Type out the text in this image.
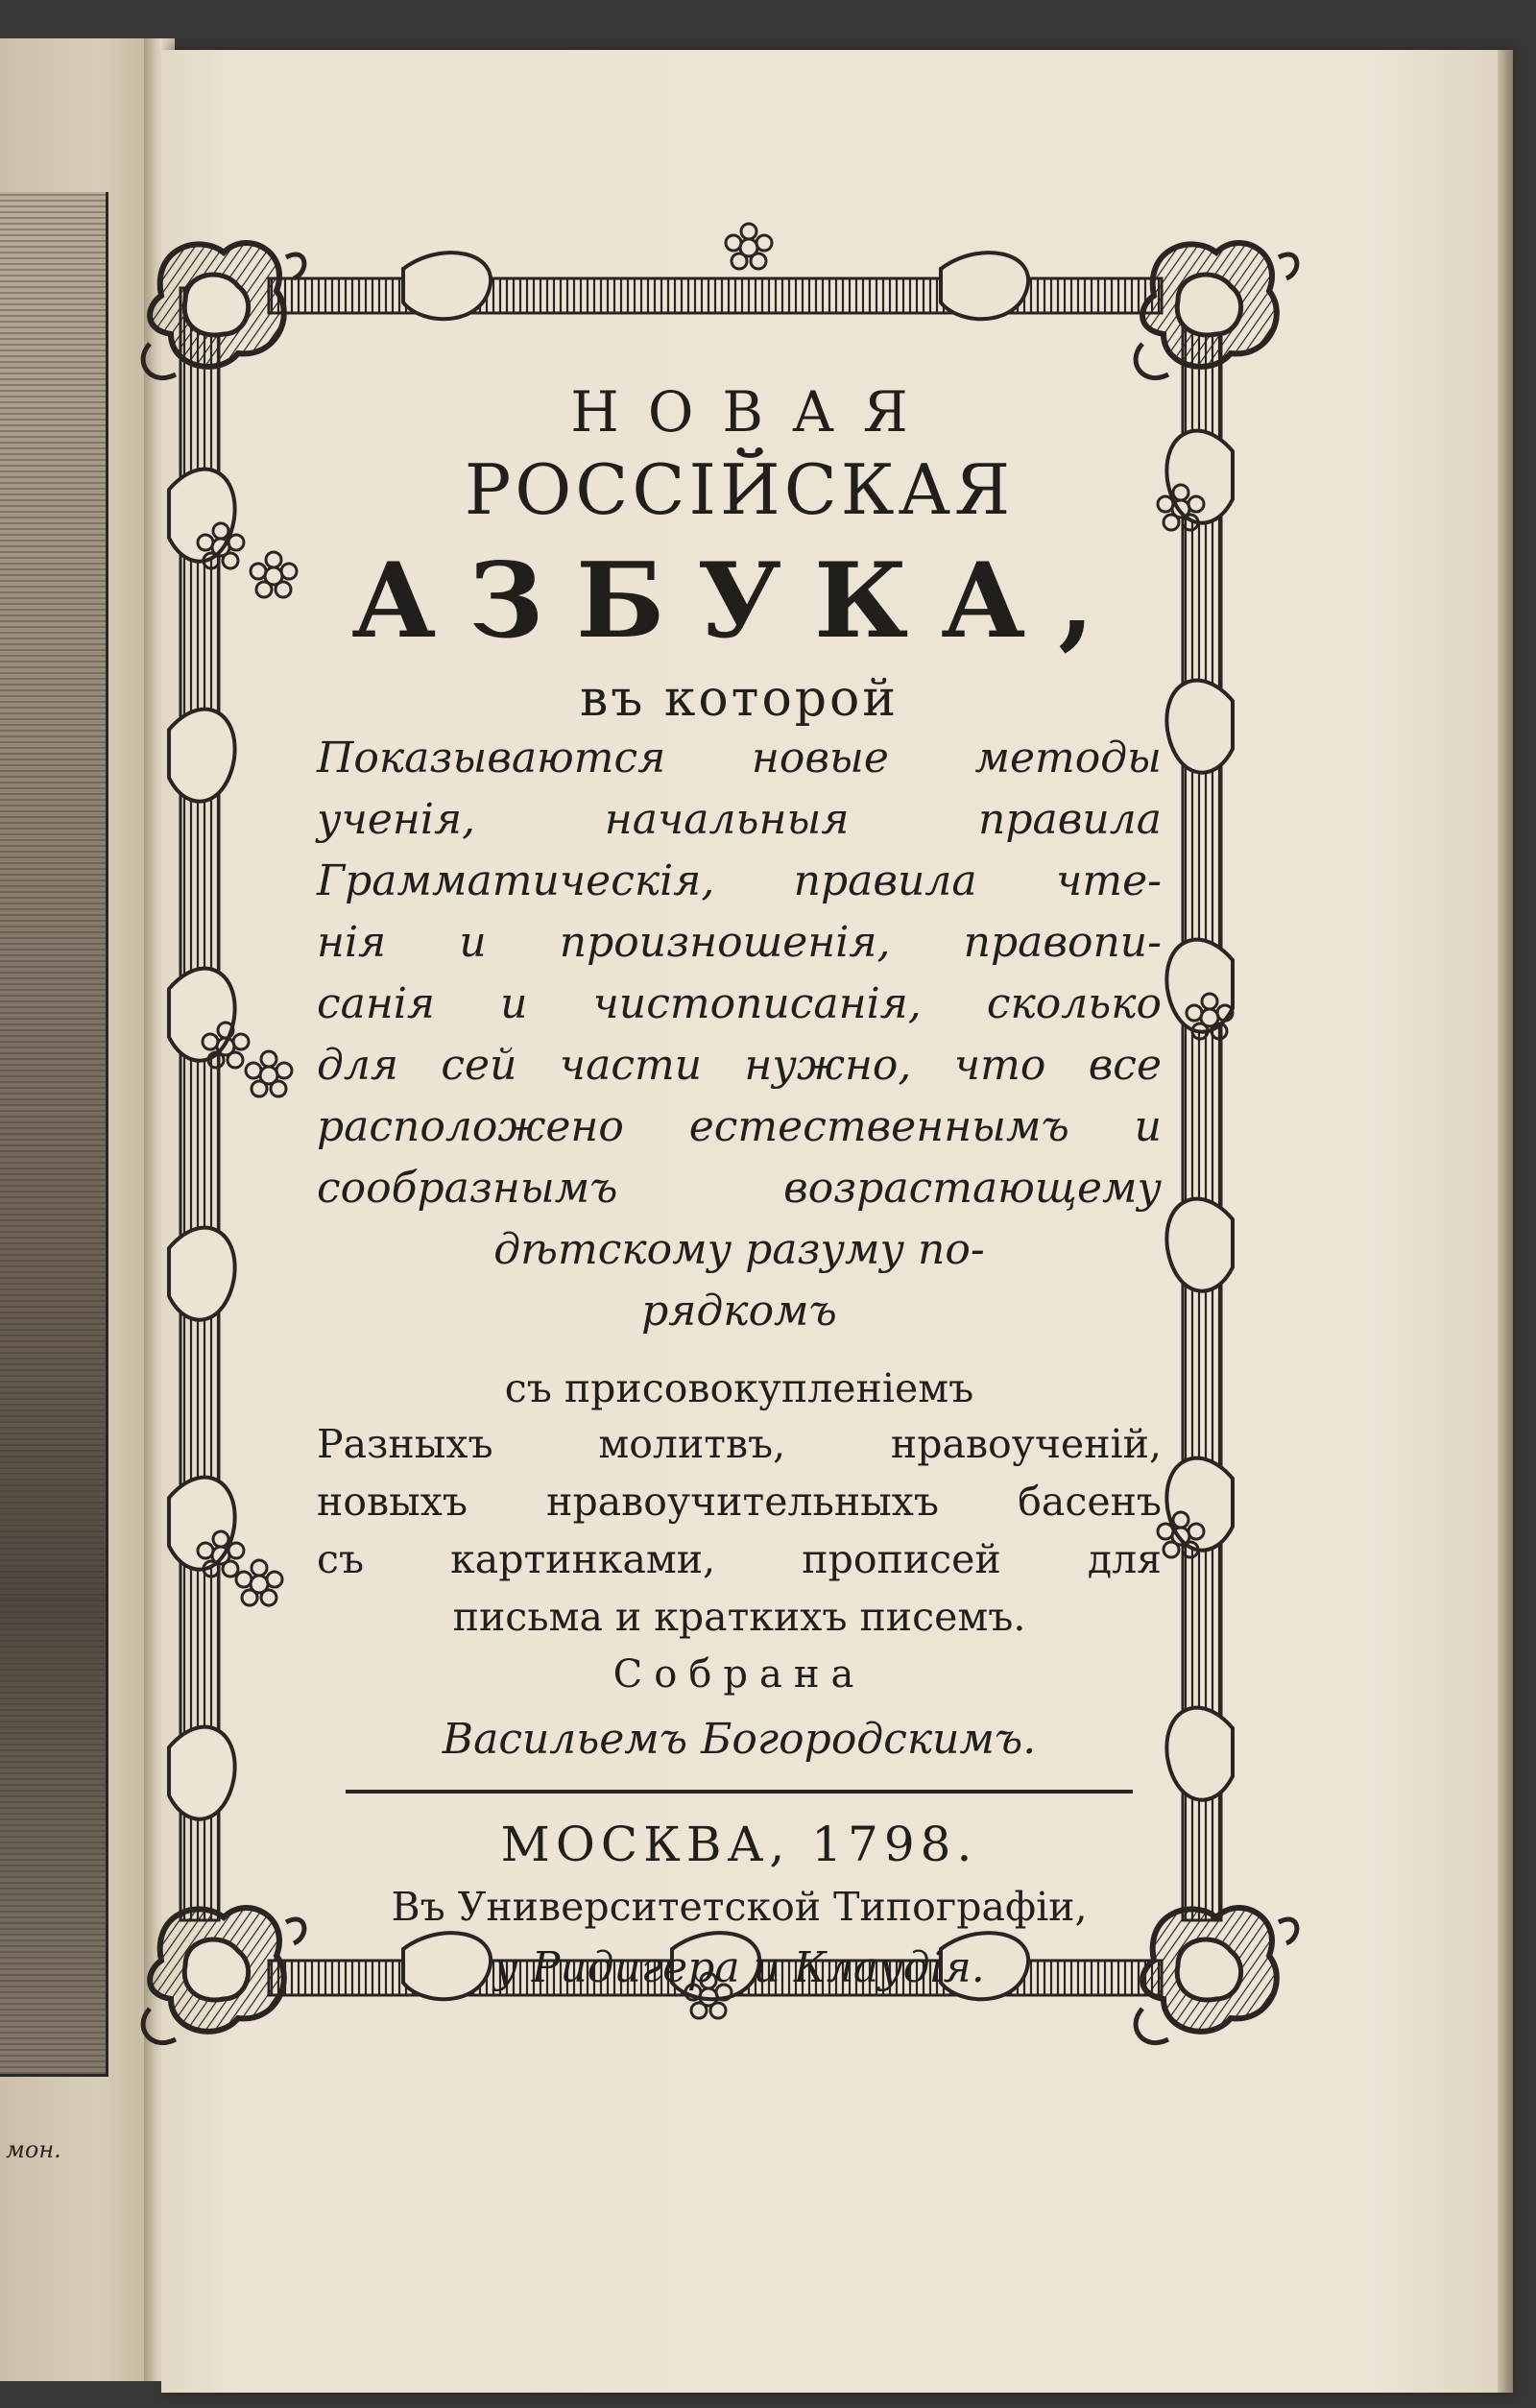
мон.
НОВАЯ
РОССІЙСКАЯ
АЗБУКА,
въ которой
Показываются новые методы
ученія, начальныя правила
Грамматическія, правила чте-
нія и произношенія, правопи-
санія и чистописанія, сколько
для сей части нужно, что все
расположено естественнымъ и
сообразнымъ возрастающему
дѣтскому разуму по-
рядкомъ
съ присовокупленіемъ
Разныхъ молитвъ, нравоученій,
новыхъ нравоучительныхъ басенъ
съ картинками, прописей для
письма и краткихъ писемъ.
Собрана
Васильемъ Богородскимъ.
МОСКВА, 1798.
Въ Университетской Типографіи,
у Ридигера и Клаудія.
